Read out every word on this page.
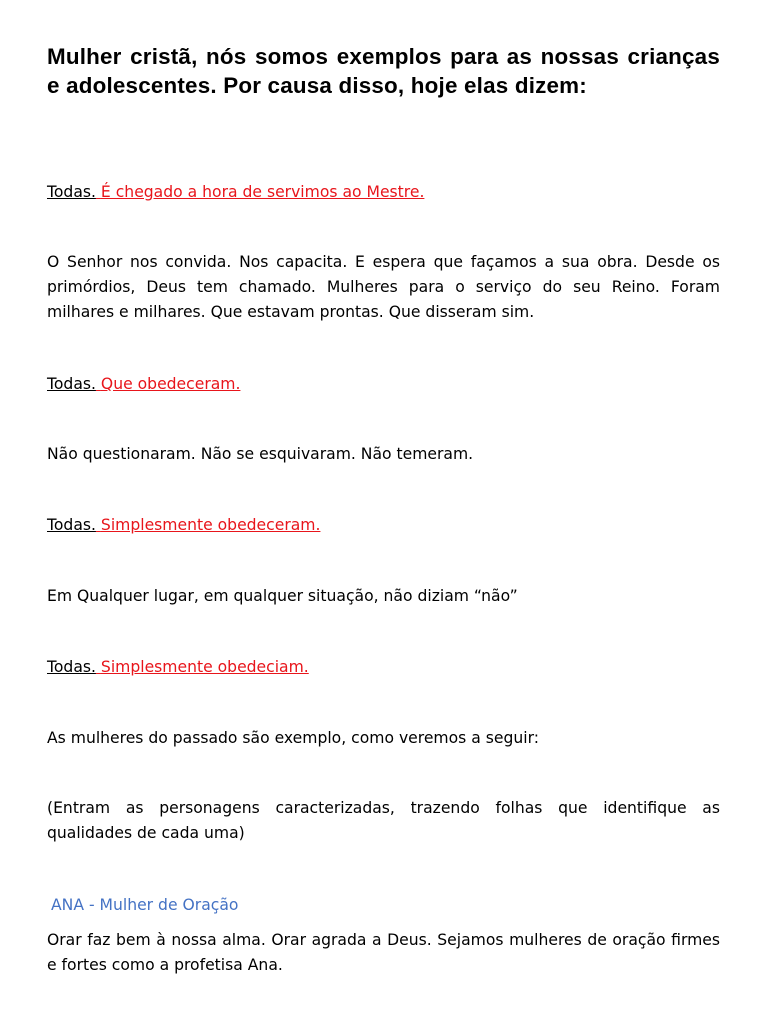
Mulher cristã, nós somos exemplos para as nossas crianças e adolescentes. Por causa disso, hoje elas dizem:

Todas. É chegado a hora de servimos ao Mestre.

O Senhor nos convida. Nos capacita. E espera que façamos a sua obra. Desde os primórdios, Deus tem chamado. Mulheres para o serviço do seu Reino. Foram milhares e milhares. Que estavam prontas. Que disseram sim.

Todas. Que obedeceram.

Não questionaram. Não se esquivaram. Não temeram.

Todas. Simplesmente obedeceram.

Em Qualquer lugar, em qualquer situação, não diziam “não”

Todas. Simplesmente obedeciam.

As mulheres do passado são exemplo, como veremos a seguir:

(Entram as personagens caracterizadas, trazendo folhas que identifique as qualidades de cada uma)

ANA - Mulher de Oração

Orar faz bem à nossa alma. Orar agrada a Deus. Sejamos mulheres de oração firmes e fortes como a profetisa Ana.
